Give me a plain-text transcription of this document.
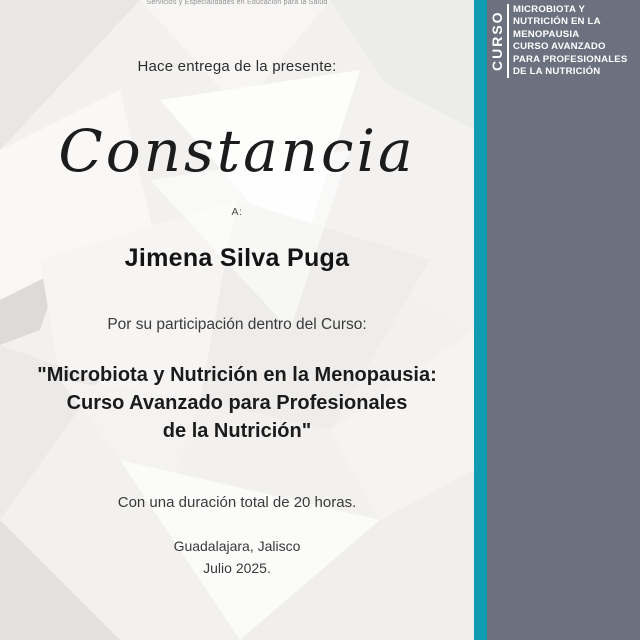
Servicios y Especialidades en Educación para la Salud
Hace entrega de la presente:
Constancia
A:
Jimena Silva Puga
Por su participación dentro del Curso:
"Microbiota y Nutrición en la Menopausia:
Curso Avanzado para Profesionales
de la Nutrición"
Con una duración total de 20 horas.
Guadalajara, Jalisco
Julio 2025.
CURSO
MICROBIOTA Y
NUTRICIÓN EN LA
MENOPAUSIA
CURSO AVANZADO
PARA PROFESIONALES
DE LA NUTRICIÓN
